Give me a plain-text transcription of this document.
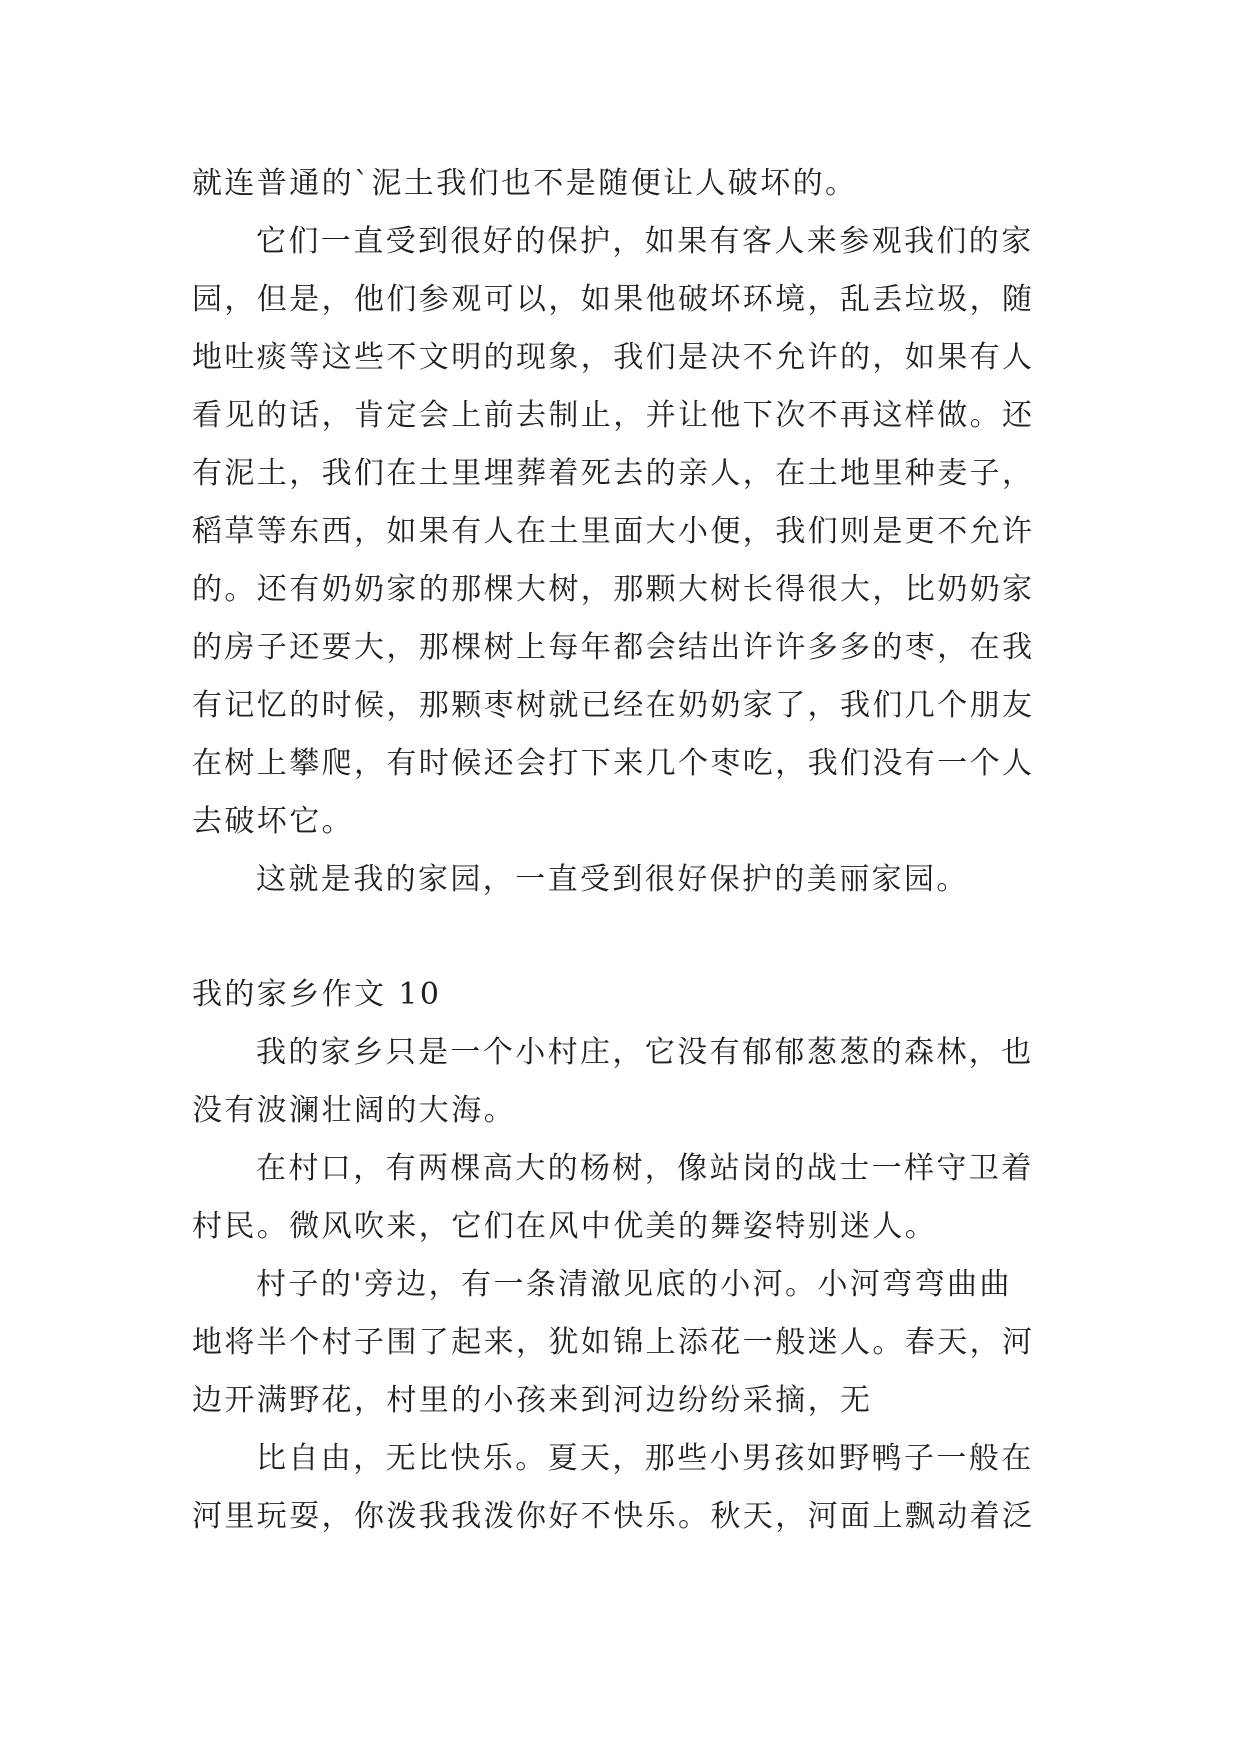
就连普通的`泥土我们也不是随便让人破坏的。

它们一直受到很好的保护，如果有客人来参观我们的家
园，但是，他们参观可以，如果他破坏环境，乱丢垃圾，随
地吐痰等这些不文明的现象，我们是决不允许的，如果有人
看见的话，肯定会上前去制止，并让他下次不再这样做。还
有泥土，我们在土里埋葬着死去的亲人，在土地里种麦子，
稻草等东西，如果有人在土里面大小便，我们则是更不允许
的。还有奶奶家的那棵大树，那颗大树长得很大，比奶奶家
的房子还要大，那棵树上每年都会结出许许多多的枣，在我
有记忆的时候，那颗枣树就已经在奶奶家了，我们几个朋友
在树上攀爬，有时候还会打下来几个枣吃，我们没有一个人
去破坏它。

这就是我的家园，一直受到很好保护的美丽家园。

我的家乡作文 10

我的家乡只是一个小村庄，它没有郁郁葱葱的森林，也
没有波澜壮阔的大海。

在村口，有两棵高大的杨树，像站岗的战士一样守卫着
村民。微风吹来，它们在风中优美的舞姿特别迷人。

村子的'旁边，有一条清澈见底的小河。小河弯弯曲曲
地将半个村子围了起来，犹如锦上添花一般迷人。春天，河
边开满野花，村里的小孩来到河边纷纷采摘，无

比自由，无比快乐。夏天，那些小男孩如野鸭子一般在
河里玩耍，你泼我我泼你好不快乐。秋天，河面上飘动着泛
